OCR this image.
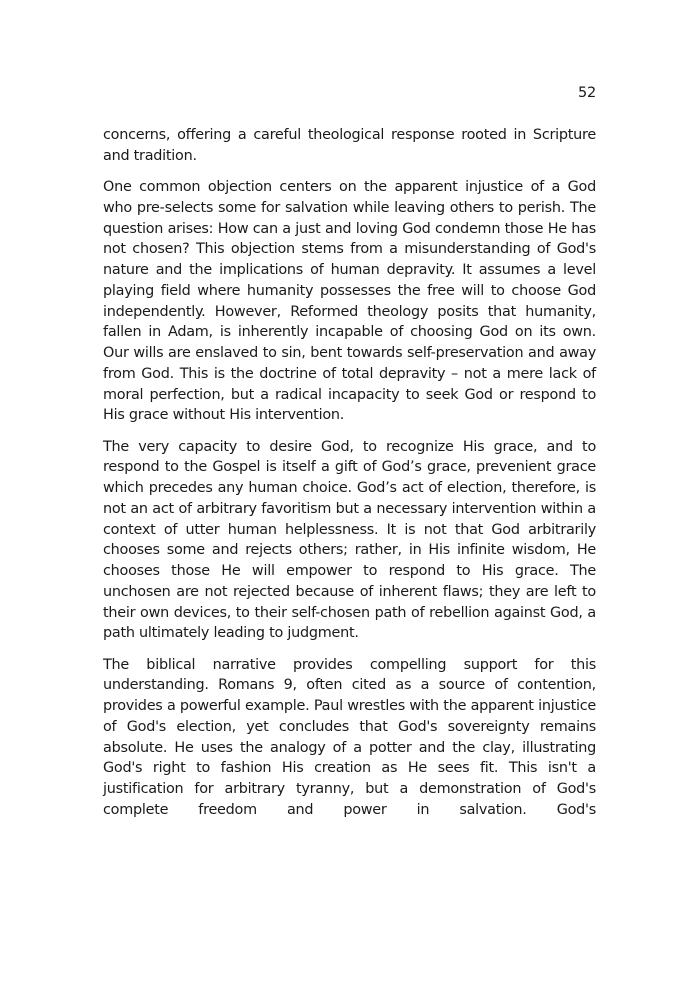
52

concerns, offering a careful theological response rooted in Scripture and tradition.

One common objection centers on the apparent injustice of a God who pre-selects some for salvation while leaving others to perish. The question arises: How can a just and loving God condemn those He has not chosen? This objection stems from a misunderstanding of God's nature and the implications of human depravity. It assumes a level playing field where humanity possesses the free will to choose God independently. However, Reformed theology posits that humanity, fallen in Adam, is inherently incapable of choosing God on its own. Our wills are enslaved to sin, bent towards self-preservation and away from God. This is the doctrine of total depravity – not a mere lack of moral perfection, but a radical incapacity to seek God or respond to His grace without His intervention.

The very capacity to desire God, to recognize His grace, and to respond to the Gospel is itself a gift of God’s grace, prevenient grace which precedes any human choice. God’s act of election, therefore, is not an act of arbitrary favoritism but a necessary intervention within a context of utter human helplessness. It is not that God arbitrarily chooses some and rejects others; rather, in His infinite wisdom, He chooses those He will empower to respond to His grace. The unchosen are not rejected because of inherent flaws; they are left to their own devices, to their self-chosen path of rebellion against God, a path ultimately leading to judgment.

The biblical narrative provides compelling support for this understanding. Romans 9, often cited as a source of contention, provides a powerful example. Paul wrestles with the apparent injustice of God's election, yet concludes that God's sovereignty remains absolute. He uses the analogy of a potter and the clay, illustrating God's right to fashion His creation as He sees fit. This isn't a justification for arbitrary tyranny, but a demonstration of God's complete freedom and power in salvation. God's
